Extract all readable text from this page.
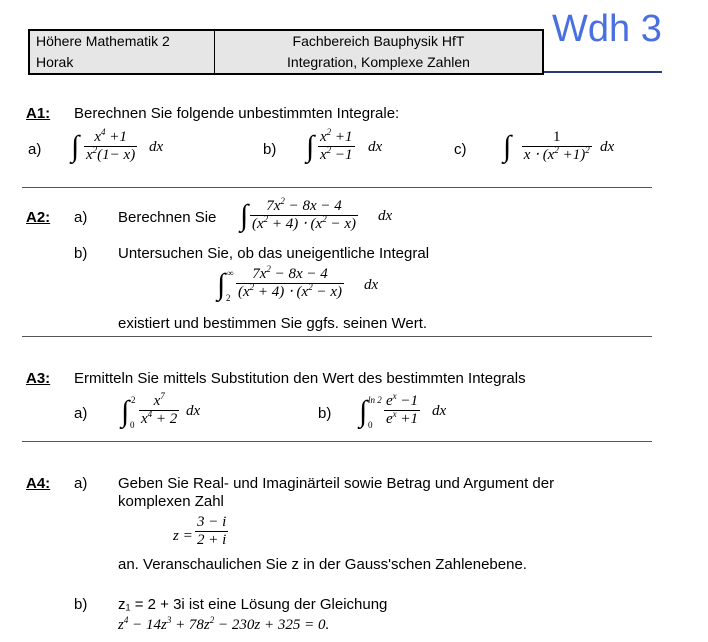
Höhere Mathematik 2	Fachbereich Bauphysik HfT
Horak	Integration, Komplexe Zahlen
Wdh 3
A1: Berechnen Sie folgende unbestimmten Integrale:
a) ∫ $\frac{x^4 +1}{x^2(1- x)}$ dx	b) ∫ $\frac{x^2 +1}{x^2 -1}$ dx	c) ∫ $\frac{1}{x \cdot (x^2 +1)^2}$ dx
A2: a) Berechnen Sie ∫ $\frac{7x^2 - 8x - 4}{(x^2 + 4) \cdot (x^2 - x)}$ dx
b) Untersuchen Sie, ob das uneigentliche Integral
∫ ∞
$2 \frac{7x^2 - 8x - 4}{(x^2 + 4) \cdot (x^2 - x)}$ dx
existiert und bestimmen Sie ggfs. seinen Wert.
A3: Ermitteln Sie mittels Substitution den Wert des bestimmten Integrals
a) ∫ 2
$0 \frac{x^7}{x^4 + 2}$ dx	b) ∫ ln 2
$0 \frac{e^x -1}{e^x +1}$ dx
A4: a) Geben Sie Real- und Imaginärteil sowie Betrag und Argument der
komplexen Zahl
$z = \frac{3 - i}{2 + i}$
an. Veranschaulichen Sie z in der Gauss'schen Zahlenebene.
b) z₁ = 2 + 3i ist eine Lösung der Gleichung
$z^4 - 14z^3 + 78z^2 - 230z + 325 = 0$.
